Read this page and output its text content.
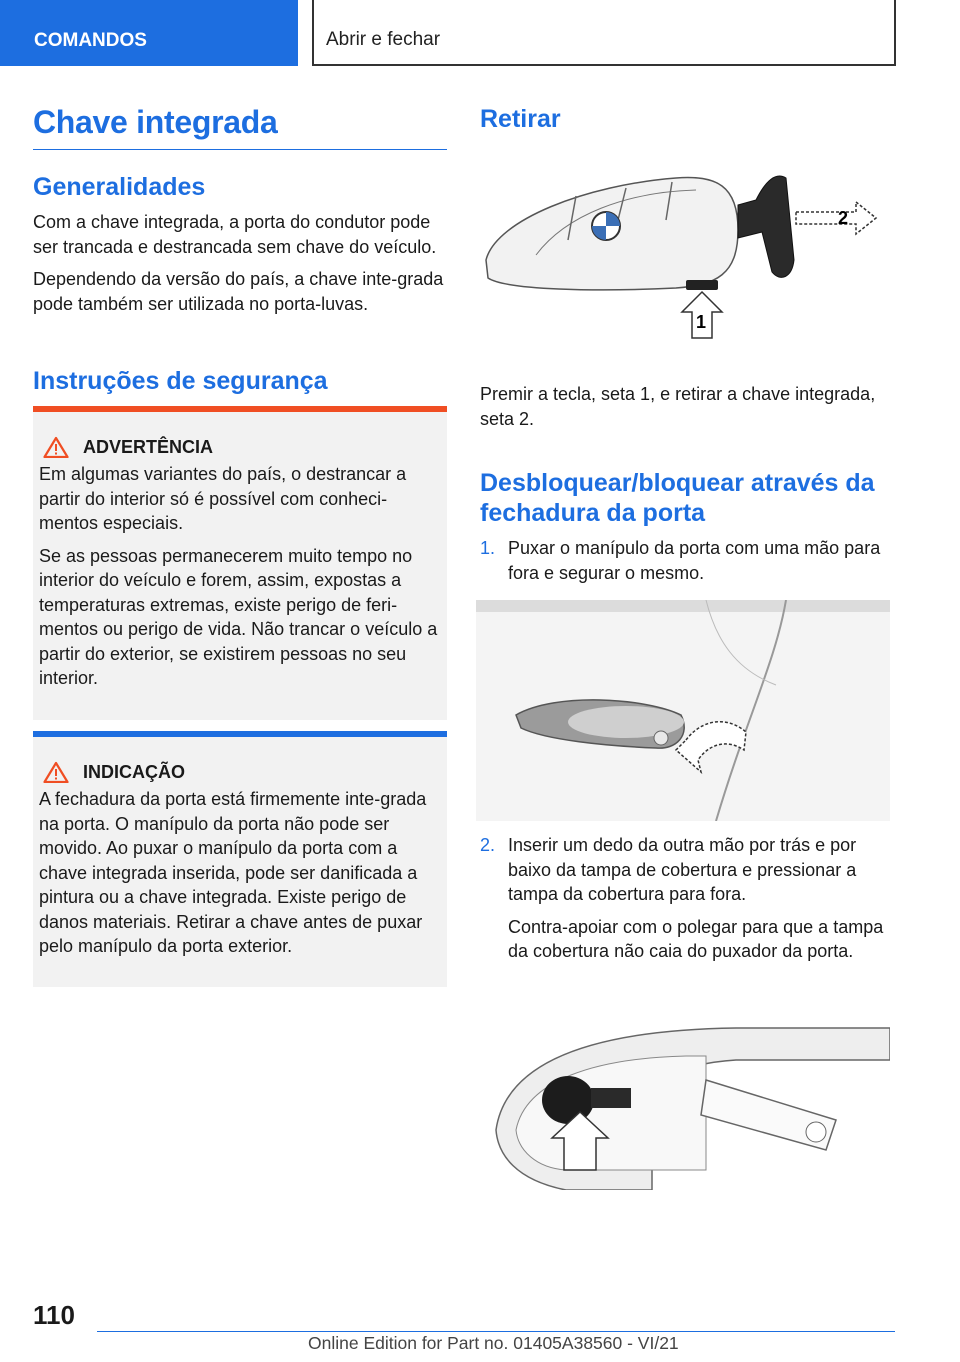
COMANDOS	Abrir e fechar
Chave integrada
Generalidades

Com a chave integrada, a porta do condutor pode ser trancada e destrancada sem chave do veículo.

Dependendo da versão do país, a chave inte-grada pode também ser utilizada no porta-luvas.

Instruções de segurança
ADVERTÊNCIA

Em algumas variantes do país, o destrancar a partir do interior só é possível com conheci-mentos especiais.

Se as pessoas permanecerem muito tempo no interior do veículo e forem, assim, expostas a temperaturas extremas, existe perigo de feri-mentos ou perigo de vida. Não trancar o veículo a partir do exterior, se existirem pessoas no seu interior.

INDICAÇÃO

A fechadura da porta está firmemente inte-grada na porta. O manípulo da porta não pode ser movido. Ao puxar o manípulo da porta com a chave integrada inserida, pode ser danificada a pintura ou a chave integrada. Existe perigo de danos materiais. Retirar a chave antes de puxar pelo manípulo da porta exterior.

Retirar
2
1

Premir a tecla, seta 1, e retirar a chave integrada, seta 2.

Desbloquear/bloquear através da fechadura da porta
1. Puxar o manípulo da porta com uma mão para fora e segurar o mesmo.

2. Inserir um dedo da outra mão por trás e por baixo da tampa de cobertura e pressionar a tampa da cobertura para fora.

Contra-apoiar com o polegar para que a tampa da cobertura não caia do puxador da porta.

110
Online Edition for Part no. 01405A38560 - VI/21
